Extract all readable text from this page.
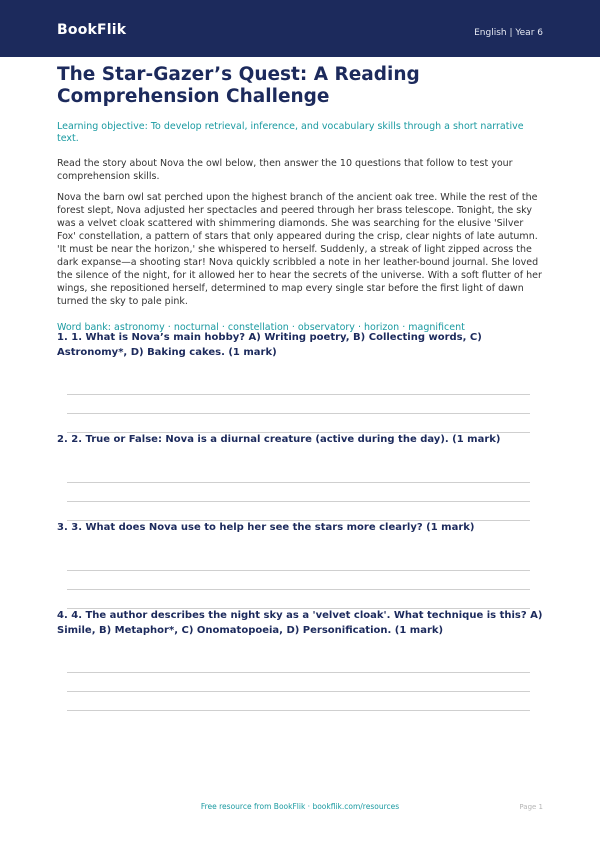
BookFlik	English | Year 6
The Star-Gazer’s Quest: A Reading Comprehension Challenge

Learning objective: To develop retrieval, inference, and vocabulary skills through a short narrative text.

Read the story about Nova the owl below, then answer the 10 questions that follow to test your comprehension skills.

Nova the barn owl sat perched upon the highest branch of the ancient oak tree. While the rest of the forest slept, Nova adjusted her spectacles and peered through her brass telescope. Tonight, the sky was a velvet cloak scattered with shimmering diamonds. She was searching for the elusive 'Silver Fox' constellation, a pattern of stars that only appeared during the crisp, clear nights of late autumn. 'It must be near the horizon,' she whispered to herself. Suddenly, a streak of light zipped across the dark expanse—a shooting star! Nova quickly scribbled a note in her leather-bound journal. She loved the silence of the night, for it allowed her to hear the secrets of the universe. With a soft flutter of her wings, she repositioned herself, determined to map every single star before the first light of dawn turned the sky to pale pink.

Word bank: astronomy · nocturnal · constellation · observatory · horizon · magnificent

1. 1. What is Nova’s main hobby? A) Writing poetry, B) Collecting words, C) Astronomy*, D) Baking cakes. (1 mark)

2. 2. True or False: Nova is a diurnal creature (active during the day). (1 mark)

3. 3. What does Nova use to help her see the stars more clearly? (1 mark)

4. 4. The author describes the night sky as a 'velvet cloak'. What technique is this? A) Simile, B) Metaphor*, C) Onomatopoeia, D) Personification. (1 mark)

Free resource from BookFlik · bookflik.com/resources	Page 1
